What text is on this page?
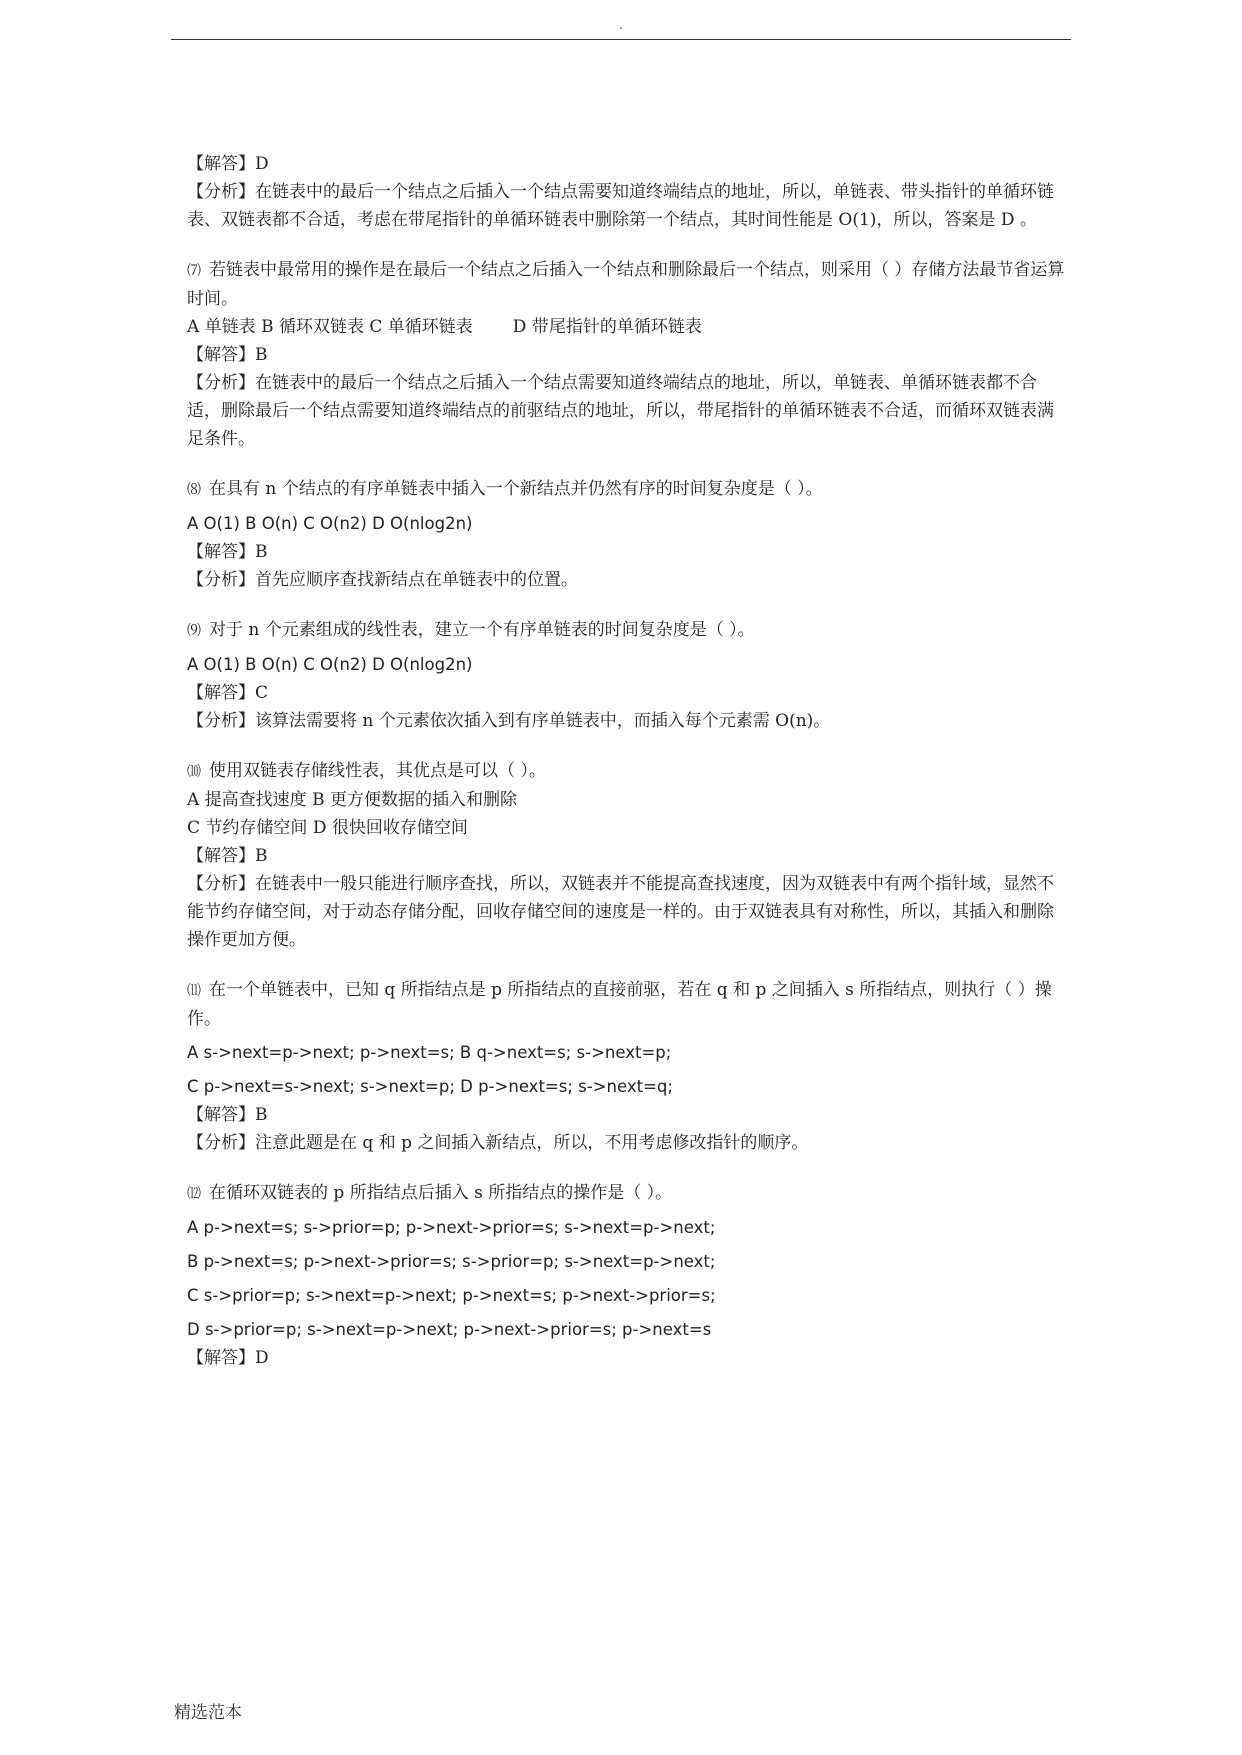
.
【解答】D
【分析】在链表中的最后一个结点之后插入一个结点需要知道终端结点的地址，所以，单链表、带头指针的单循环链表、双链表都不合适，考虑在带尾指针的单循环链表中删除第一个结点，其时间性能是 O(1)，所以，答案是 D 。
⑺ 若链表中最常用的操作是在最后一个结点之后插入一个结点和删除最后一个结点，则采用（ ）存储方法最节省运算时间。
A 单链表 B 循环双链表 C 单循环链表 D 带尾指针的单循环链表
【解答】B
【分析】在链表中的最后一个结点之后插入一个结点需要知道终端结点的地址，所以，单链表、单循环链表都不合适，删除最后一个结点需要知道终端结点的前驱结点的地址，所以，带尾指针的单循环链表不合适，而循环双链表满足条件。
⑻ 在具有 n 个结点的有序单链表中插入一个新结点并仍然有序的时间复杂度是（ ）。
A O(1) B O(n) C O(n2) D O(nlog2n)
【解答】B
【分析】首先应顺序查找新结点在单链表中的位置。
⑼ 对于 n 个元素组成的线性表，建立一个有序单链表的时间复杂度是（ ）。
A O(1) B O(n) C O(n2) D O(nlog2n)
【解答】C
【分析】该算法需要将 n 个元素依次插入到有序单链表中，而插入每个元素需 O(n)。
⑽ 使用双链表存储线性表，其优点是可以（ ）。
A 提高查找速度 B 更方便数据的插入和删除
C 节约存储空间 D 很快回收存储空间
【解答】B
【分析】在链表中一般只能进行顺序查找，所以，双链表并不能提高查找速度，因为双链表中有两个指针域，显然不能节约存储空间，对于动态存储分配，回收存储空间的速度是一样的。由于双链表具有对称性，所以，其插入和删除操作更加方便。
⑾ 在一个单链表中，已知 q 所指结点是 p 所指结点的直接前驱，若在 q 和 p 之间插入 s 所指结点，则执行（ ）操作。
A s->next=p->next; p->next=s; B q->next=s; s->next=p;
C p->next=s->next; s->next=p; D p->next=s; s->next=q;
【解答】B
【分析】注意此题是在 q 和 p 之间插入新结点，所以，不用考虑修改指针的顺序。
⑿ 在循环双链表的 p 所指结点后插入 s 所指结点的操作是（ ）。
A p->next=s; s->prior=p; p->next->prior=s; s->next=p->next;
B p->next=s; p->next->prior=s; s->prior=p; s->next=p->next;
C s->prior=p; s->next=p->next; p->next=s; p->next->prior=s;
D s->prior=p; s->next=p->next; p->next->prior=s; p->next=s
【解答】D
精选范本
